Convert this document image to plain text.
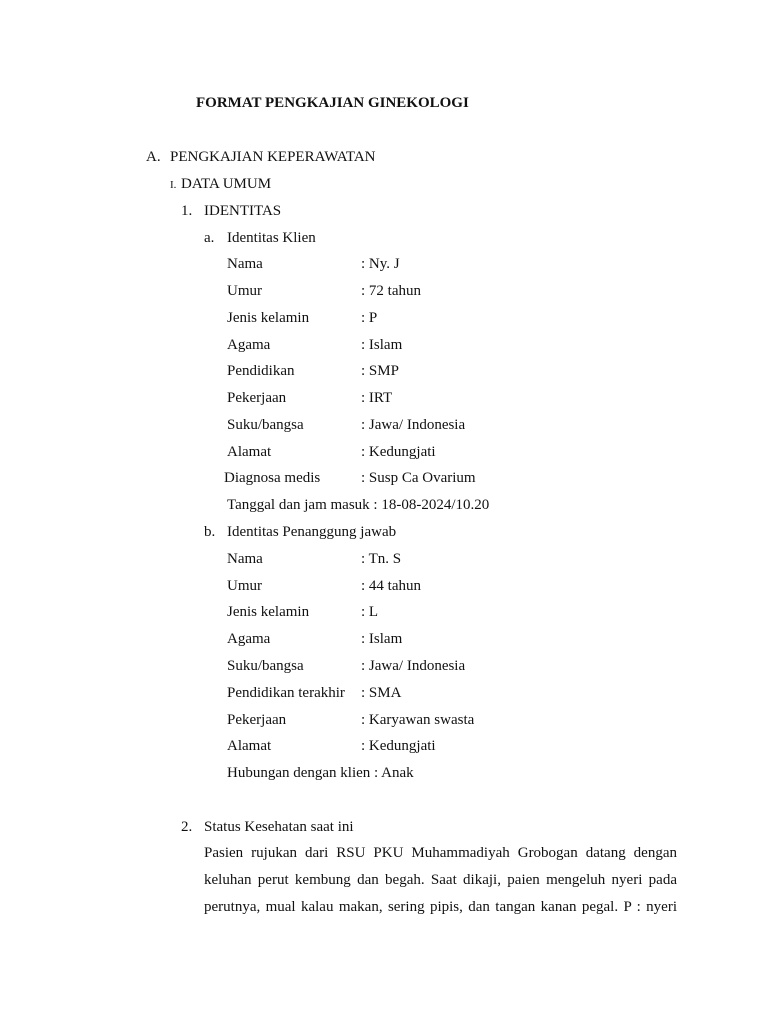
FORMAT PENGKAJIAN GINEKOLOGI
A. PENGKAJIAN KEPERAWATAN
I. DATA UMUM
1. IDENTITAS
a. Identitas Klien
Nama	: Ny. J
Umur	: 72 tahun
Jenis kelamin	: P
Agama	: Islam
Pendidikan	: SMP
Pekerjaan	: IRT
Suku/bangsa	: Jawa/ Indonesia
Alamat	: Kedungjati
Diagnosa medis	: Susp Ca Ovarium
Tanggal dan jam masuk : 18-08-2024/10.20
b. Identitas Penanggung jawab
Nama	: Tn. S
Umur	: 44 tahun
Jenis kelamin	: L
Agama	: Islam
Suku/bangsa	: Jawa/ Indonesia
Pendidikan terakhir : SMA
Pekerjaan	: Karyawan swasta
Alamat	: Kedungjati
Hubungan dengan klien : Anak
2. Status Kesehatan saat ini
Pasien rujukan dari RSU PKU Muhammadiyah Grobogan datang dengan
keluhan perut kembung dan begah. Saat dikaji, paien mengeluh nyeri pada
perutnya, mual kalau makan, sering pipis, dan tangan kanan pegal. P : nyeri
